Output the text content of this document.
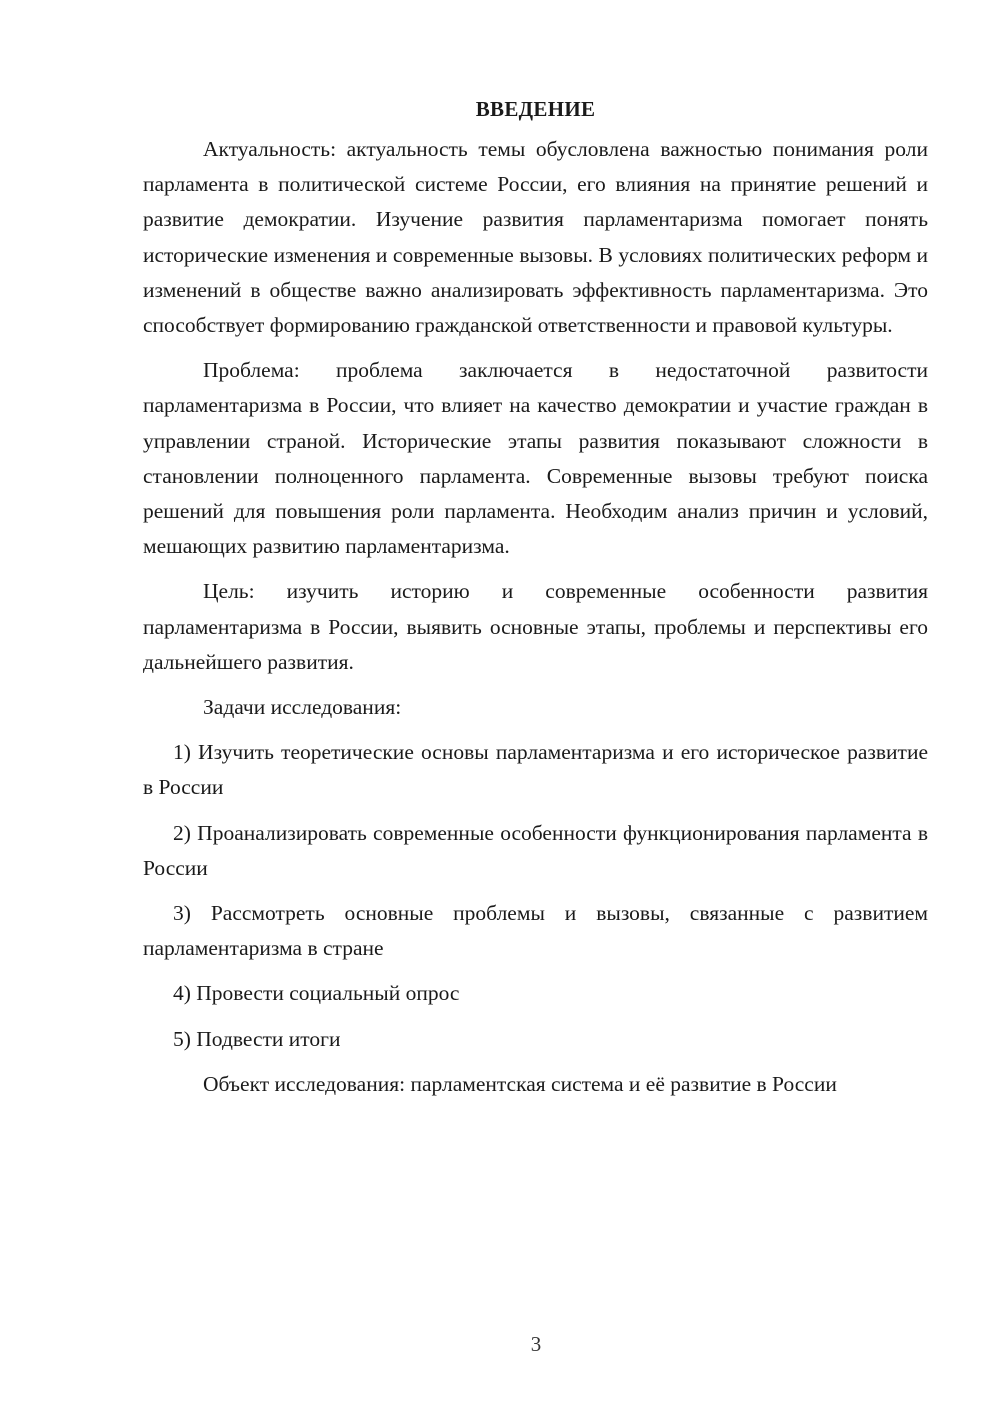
ВВЕДЕНИЕ

Актуальность: актуальность темы обусловлена важностью понимания роли парламента в политической системе России, его влияния на принятие решений и развитие демократии. Изучение развития парламентаризма помогает понять исторические изменения и современные вызовы. В условиях политических реформ и изменений в обществе важно анализировать эффективность парламентаризма. Это способствует формированию гражданской ответственности и правовой культуры.

Проблема: проблема заключается в недостаточной развитости парламентаризма в России, что влияет на качество демократии и участие граждан в управлении страной. Исторические этапы развития показывают сложности в становлении полноценного парламента. Современные вызовы требуют поиска решений для повышения роли парламента. Необходим анализ причин и условий, мешающих развитию парламентаризма.

Цель: изучить историю и современные особенности развития парламентаризма в России, выявить основные этапы, проблемы и перспективы его дальнейшего развития.

Задачи исследования:

1) Изучить теоретические основы парламентаризма и его историческое развитие в России

2) Проанализировать современные особенности функционирования парламента в России

3) Рассмотреть основные проблемы и вызовы, связанные с развитием парламентаризма в стране

4) Провести социальный опрос

5) Подвести итоги

Объект исследования: парламентская система и её развитие в России

3
